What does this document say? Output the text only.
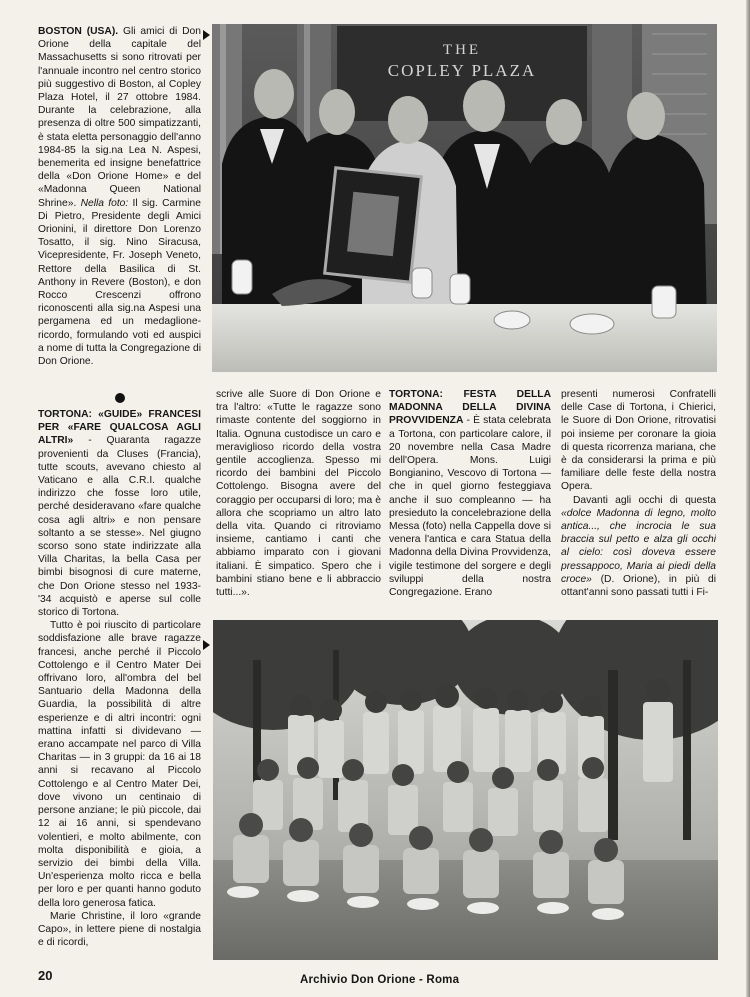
BOSTON (USA). Gli amici di Don Orione della capitale del Massachusetts si sono ritrovati per l'annuale incontro nel centro storico più suggestivo di Boston, al Copley Plaza Hotel, il 27 ottobre 1984. Durante la celebrazione, alla presenza di oltre 500 simpatizzanti, è stata eletta personaggio dell'anno 1984-85 la sig.na Lea N. Aspesi, benemerita ed insigne benefattrice della «Don Orione Home» e del «Madonna Queen National Shrine». Nella foto: Il sig. Carmine Di Pietro, Presidente degli Amici Orionini, il direttore Don Lorenzo Tosatto, il sig. Nino Siracusa, Vicepresidente, Fr. Joseph Veneto, Rettore della Basilica di St. Anthony in Revere (Boston), e don Rocco Crescenzi offrono riconoscenti alla sig.na Aspesi una pergamena ed un medaglione-ricordo, formulando voti ed auspici a nome di tutta la Congregazione di Don Orione.

THE
COPLEY PLAZA

TORTONA: «GUIDE» FRANCESI PER «FARE QUALCOSA AGLI ALTRI» - Quaranta ragazze provenienti da Cluses (Francia), tutte scouts, avevano chiesto al Vaticano e alla C.R.I. qualche indirizzo che fosse loro utile, perché desideravano «fare qualche cosa agli altri» e non pensare soltanto a se stesse». Nel giugno scorso sono state indirizzate alla Villa Charitas, la bella Casa per bimbi bisognosi di cure materne, che Don Orione stesso nel 1933-'34 acquistò e aperse sul colle storico di Tortona.

Tutto è poi riuscito di particolare soddisfazione alle brave ragazze francesi, anche perché il Piccolo Cottolengo e il Centro Mater Dei offrivano loro, all'ombra del bel Santuario della Madonna della Guardia, la possibilità di altre esperienze e di altri incontri: ogni mattina infatti si dividevano — erano accampate nel parco di Villa Charitas — in 3 gruppi: da 16 ai 18 anni si recavano al Piccolo Cottolengo e al Centro Mater Dei, dove vivono un centinaio di persone anziane; le più piccole, dai 12 ai 16 anni, si spendevano volentieri, e molto abilmente, con molta disponibilità e gioia, a servizio dei bimbi della Villa. Un'esperienza molto ricca e bella per loro e per quanti hanno goduto della loro generosa fatica.

Marie Christine, il loro «grande Capo», in lettere piene di nostalgia e di ricordi,

scrive alle Suore di Don Orione e tra l'altro: «Tutte le ragazze sono rimaste contente del soggiorno in Italia. Ognuna custodisce un caro e meraviglioso ricordo della vostra gentile accoglienza. Spesso mi ricordo dei bambini del Piccolo Cottolengo. Bisogna avere del coraggio per occuparsi di loro; ma è allora che scopriamo un altro lato della vita. Quando ci ritroviamo insieme, cantiamo i canti che abbiamo imparato con i giovani italiani. È simpatico. Spero che i bambini stiano bene e li abbraccio tutti...».

TORTONA: FESTA DELLA MADONNA DELLA DIVINA PROVVIDENZA - È stata celebrata a Tortona, con particolare calore, il 20 novembre nella Casa Madre dell'Opera. Mons. Luigi Bongianino, Vescovo di Tortona — che in quel giorno festeggiava anche il suo compleanno — ha presieduto la concelebrazione della Messa (foto) nella Cappella dove si venera l'antica e cara Statua della Madonna della Divina Provvidenza, vigile testimone del sorgere e degli sviluppi della nostra Congregazione. Erano

presenti numerosi Confratelli delle Case di Tortona, i Chierici, le Suore di Don Orione, ritrovatisi poi insieme per coronare la gioia di questa ricorrenza mariana, che è da considerarsi la prima e più familiare delle feste della nostra Opera.

Davanti agli occhi di questa «dolce Madonna di legno, molto antica..., che incrocia le sua braccia sul petto e alza gli occhi al cielo: così doveva essere pressappoco, Maria ai piedi della croce» (D. Orione), in più di ottant'anni sono passati tutti i Fi-

20	Archivio Don Orione - Roma
